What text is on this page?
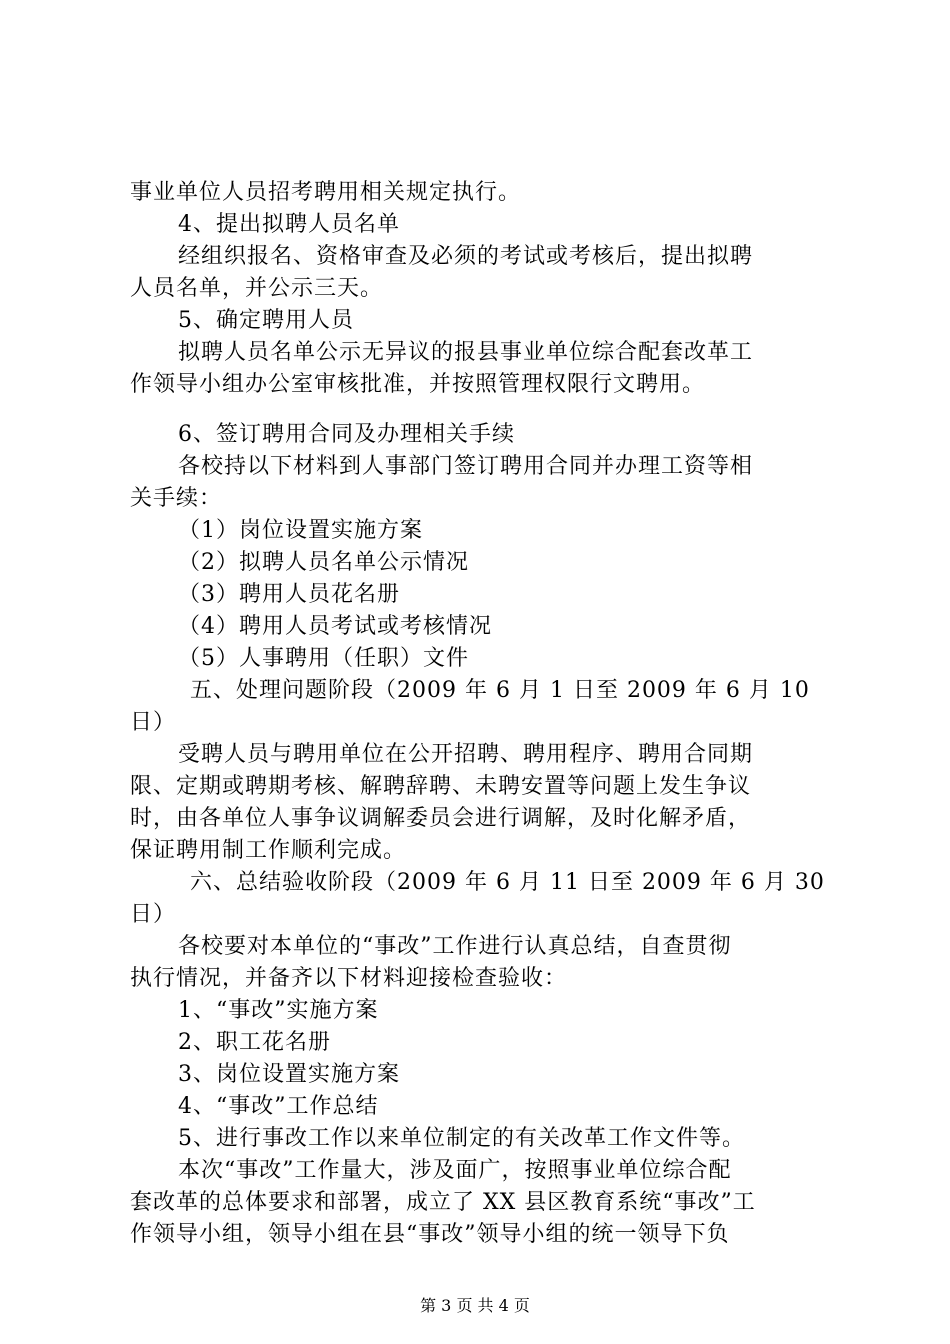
事业单位人员招考聘用相关规定执行。
4、提出拟聘人员名单
经组织报名、资格审查及必须的考试或考核后，提出拟聘
人员名单，并公示三天。
5、确定聘用人员
拟聘人员名单公示无异议的报县事业单位综合配套改革工
作领导小组办公室审核批准，并按照管理权限行文聘用。
6、签订聘用合同及办理相关手续
各校持以下材料到人事部门签订聘用合同并办理工资等相
关手续：
（1）岗位设置实施方案
（2）拟聘人员名单公示情况
（3）聘用人员花名册
（4）聘用人员考试或考核情况
（5）人事聘用（任职）文件
五、处理问题阶段（2009 年 6 月 1 日至 2009 年 6 月 10
日）
受聘人员与聘用单位在公开招聘、聘用程序、聘用合同期
限、定期或聘期考核、解聘辞聘、未聘安置等问题上发生争议
时，由各单位人事争议调解委员会进行调解，及时化解矛盾，
保证聘用制工作顺利完成。
六、总结验收阶段（2009 年 6 月 11 日至 2009 年 6 月 30
日）
各校要对本单位的“事改”工作进行认真总结，自查贯彻
执行情况，并备齐以下材料迎接检查验收：
1、“事改”实施方案
2、职工花名册
3、岗位设置实施方案
4、“事改”工作总结
5、进行事改工作以来单位制定的有关改革工作文件等。
本次“事改”工作量大，涉及面广，按照事业单位综合配
套改革的总体要求和部署，成立了 XX 县区教育系统“事改”工
作领导小组，领导小组在县“事改”领导小组的统一领导下负
第 3 页 共 4 页
